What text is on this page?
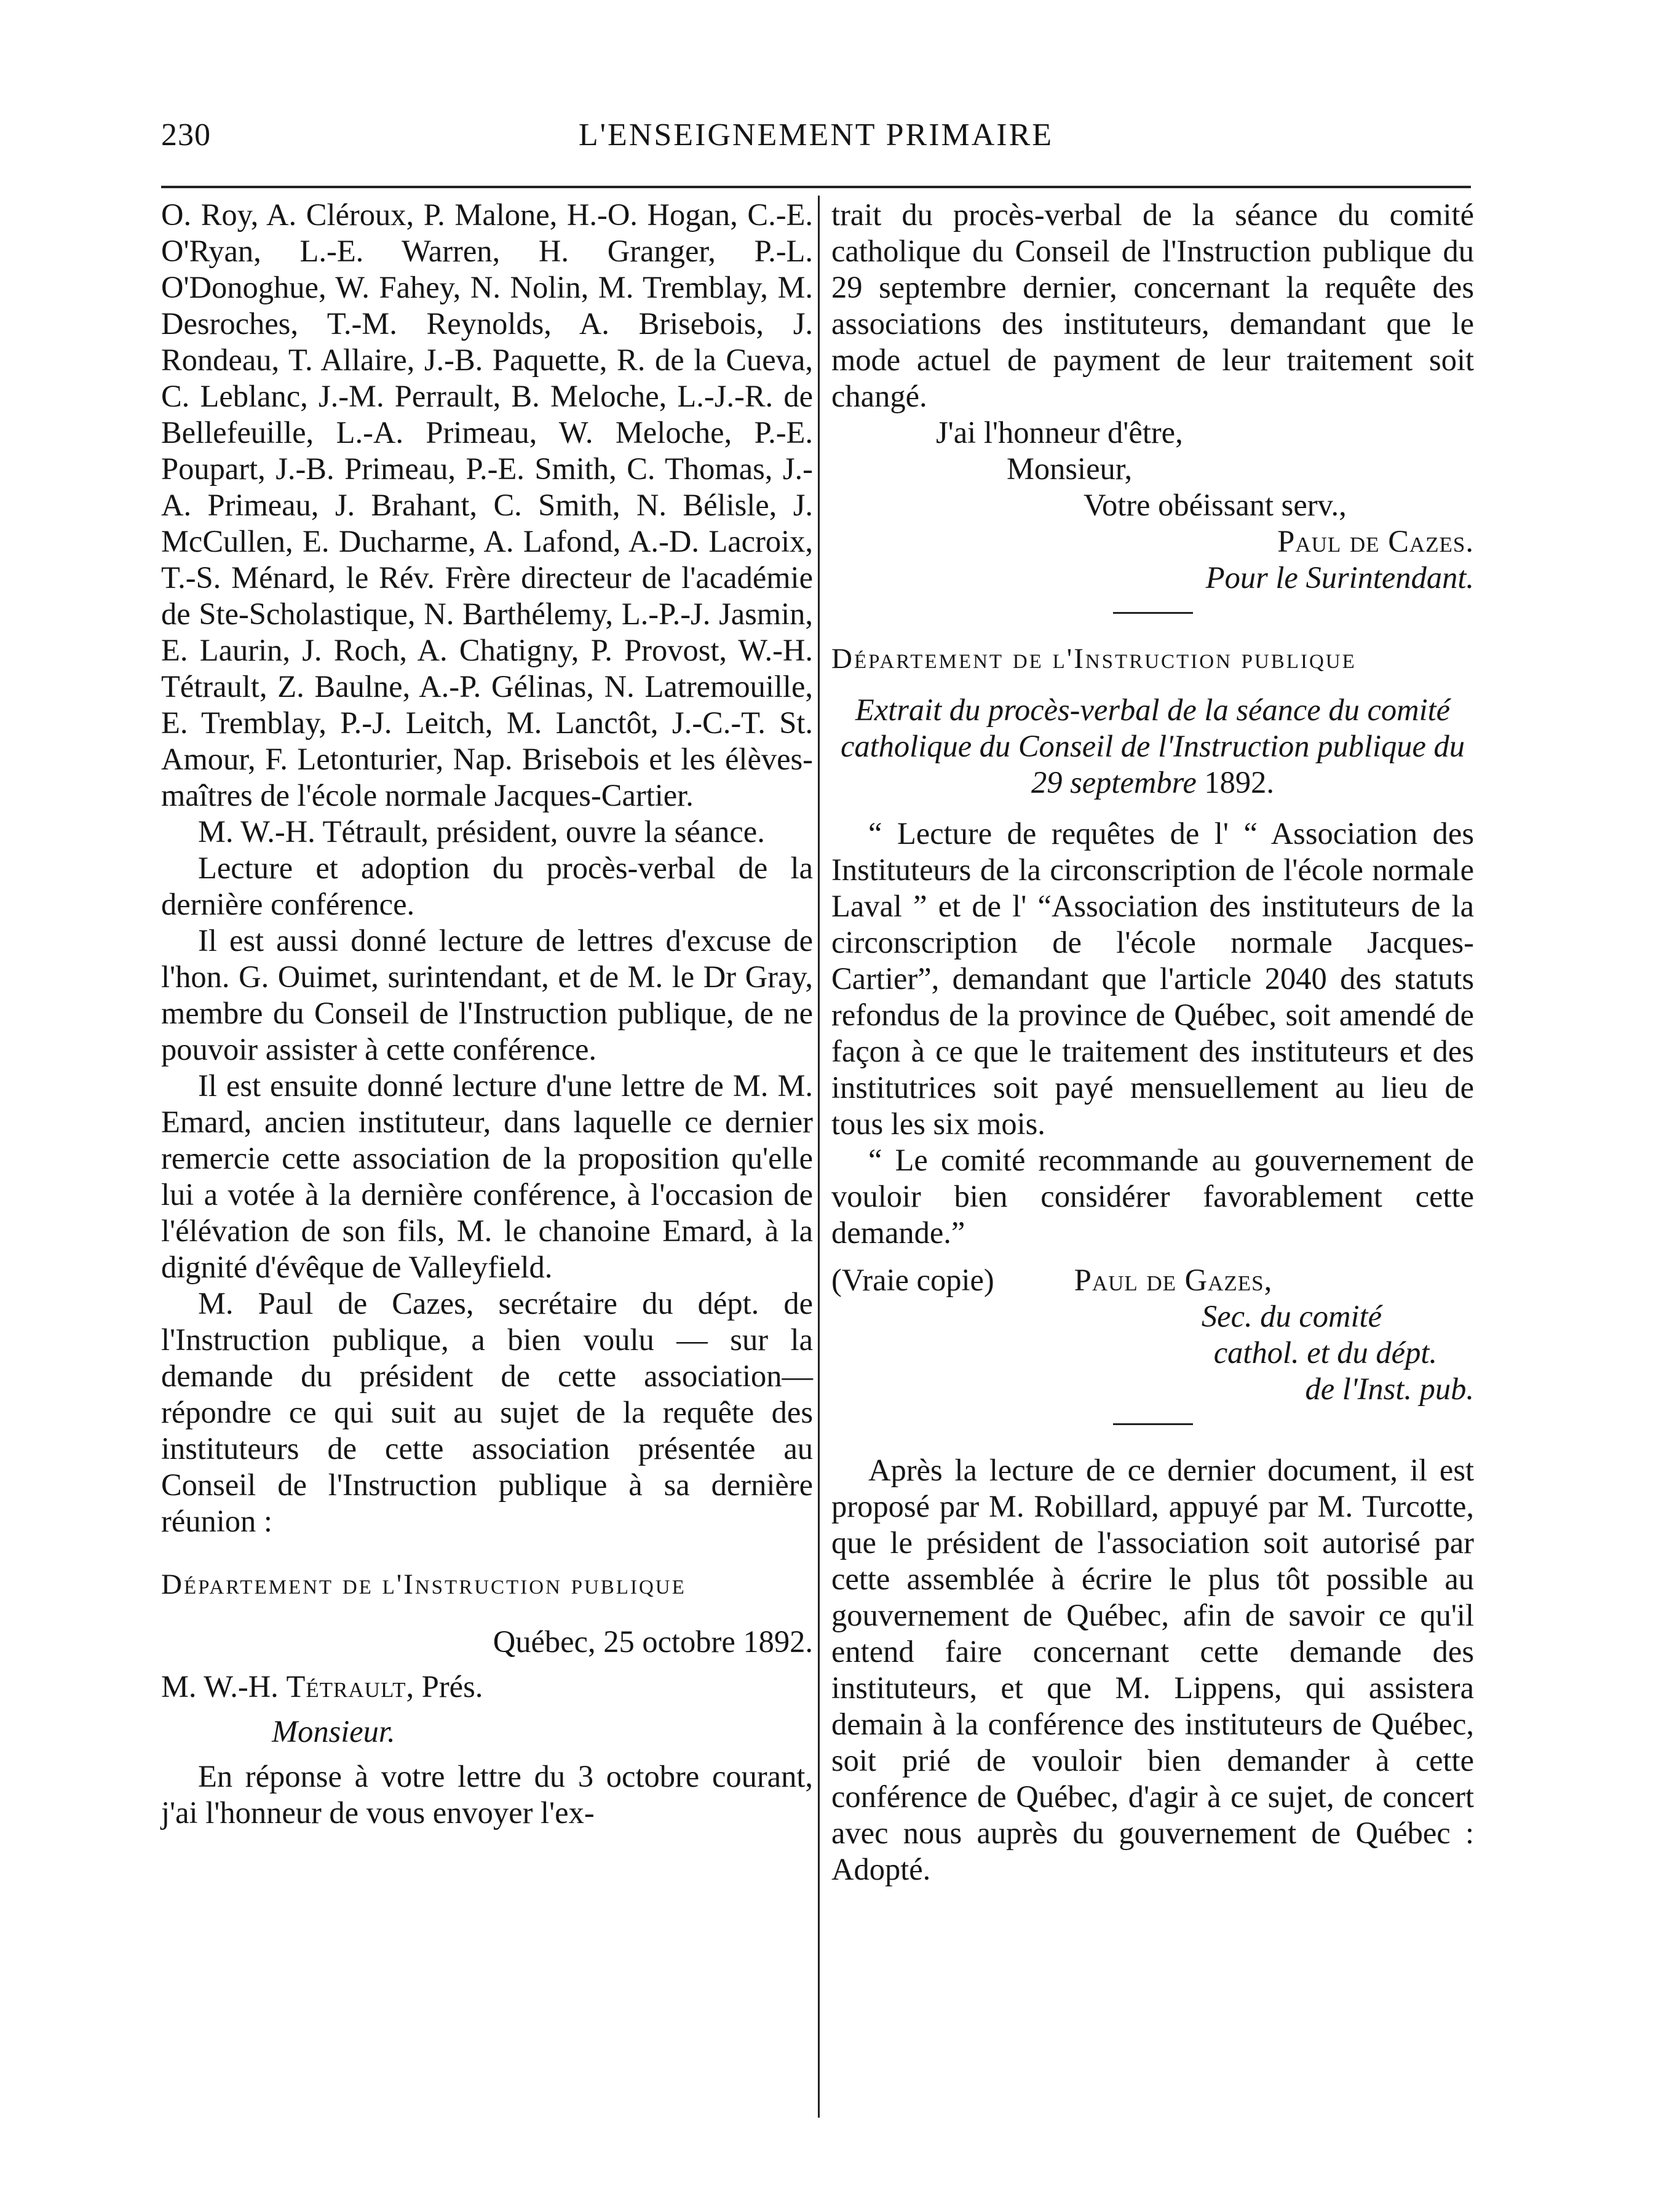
230	L'ENSEIGNEMENT PRIMAIRE

O. Roy, A. Cléroux, P. Malone, H.-O. Hogan, C.-E. O'Ryan, L.-E. Warren, H. Granger, P.-L. O'Donoghue, W. Fahey, N. Nolin, M. Tremblay, M. Desroches, T.-M. Reynolds, A. Brisebois, J. Rondeau, T. Allaire, J.-B. Paquette, R. de la Cueva, C. Leblanc, J.-M. Perrault, B. Meloche, L.-J.-R. de Bellefeuille, L.-A. Primeau, W. Meloche, P.-E. Poupart, J.-B. Primeau, P.-E. Smith, C. Thomas, J.-A. Primeau, J. Brahant, C. Smith, N. Bélisle, J. McCullen, E. Ducharme, A. Lafond, A.-D. Lacroix, T.-S. Ménard, le Rév. Frère directeur de l'académie de Ste-Scholastique, N. Barthélemy, L.-P.-J. Jasmin, E. Laurin, J. Roch, A. Chatigny, P. Provost, W.-H. Tétrault, Z. Baulne, A.-P. Gélinas, N. Latremouille, E. Tremblay, P.-J. Leitch, M. Lanctôt, J.-C.-T. St. Amour, F. Letonturier, Nap. Brisebois et les élèves-maîtres de l'école normale Jacques-Cartier.

M. W.-H. Tétrault, président, ouvre la séance.

Lecture et adoption du procès-verbal de la dernière conférence.

Il est aussi donné lecture de lettres d'excuse de l'hon. G. Ouimet, surintendant, et de M. le Dr Gray, membre du Conseil de l'Instruction publique, de ne pouvoir assister à cette conférence.

Il est ensuite donné lecture d'une lettre de M. M. Emard, ancien instituteur, dans laquelle ce dernier remercie cette association de la proposition qu'elle lui a votée à la dernière conférence, à l'occasion de l'élévation de son fils, M. le chanoine Emard, à la dignité d'évêque de Valleyfield.

M. Paul de Cazes, secrétaire du dépt. de l'Instruction publique, a bien voulu — sur la demande du président de cette association— répondre ce qui suit au sujet de la requête des instituteurs de cette association présentée au Conseil de l'Instruction publique à sa dernière réunion :

Département de l'Instruction publique

Québec, 25 octobre 1892.

M. W.-H. Tétrault, Prés.

Monsieur.

En réponse à votre lettre du 3 octobre courant, j'ai l'honneur de vous envoyer l'ex-

trait du procès-verbal de la séance du comité catholique du Conseil de l'Instruction publique du 29 septembre dernier, concernant la requête des associations des instituteurs, demandant que le mode actuel de payment de leur traitement soit changé.

J'ai l'honneur d'être,

Monsieur,

Votre obéissant serv.,

Paul de Cazes.

Pour le Surintendant.

Département de l'Instruction publique

Extrait du procès-verbal de la séance du comité catholique du Conseil de l'Instruction publique du 29 septembre 1892.

“ Lecture de requêtes de l' “ Association des Instituteurs de la circonscription de l'école normale Laval ” et de l' “Association des instituteurs de la circonscription de l'école normale Jacques-Cartier”, demandant que l'article 2040 des statuts refondus de la province de Québec, soit amendé de façon à ce que le traitement des instituteurs et des institutrices soit payé mensuellement au lieu de tous les six mois.

“ Le comité recommande au gouvernement de vouloir bien considérer favorablement cette demande.”

(Vraie copie)	Paul de Gazes,

Sec. du comité

cathol. et du dépt.

de l'Inst. pub.

Après la lecture de ce dernier document, il est proposé par M. Robillard, appuyé par M. Turcotte, que le président de l'association soit autorisé par cette assemblée à écrire le plus tôt possible au gouvernement de Québec, afin de savoir ce qu'il entend faire concernant cette demande des instituteurs, et que M. Lippens, qui assistera demain à la conférence des instituteurs de Québec, soit prié de vouloir bien demander à cette conférence de Québec, d'agir à ce sujet, de concert avec nous auprès du gouvernement de Québec : Adopté.
